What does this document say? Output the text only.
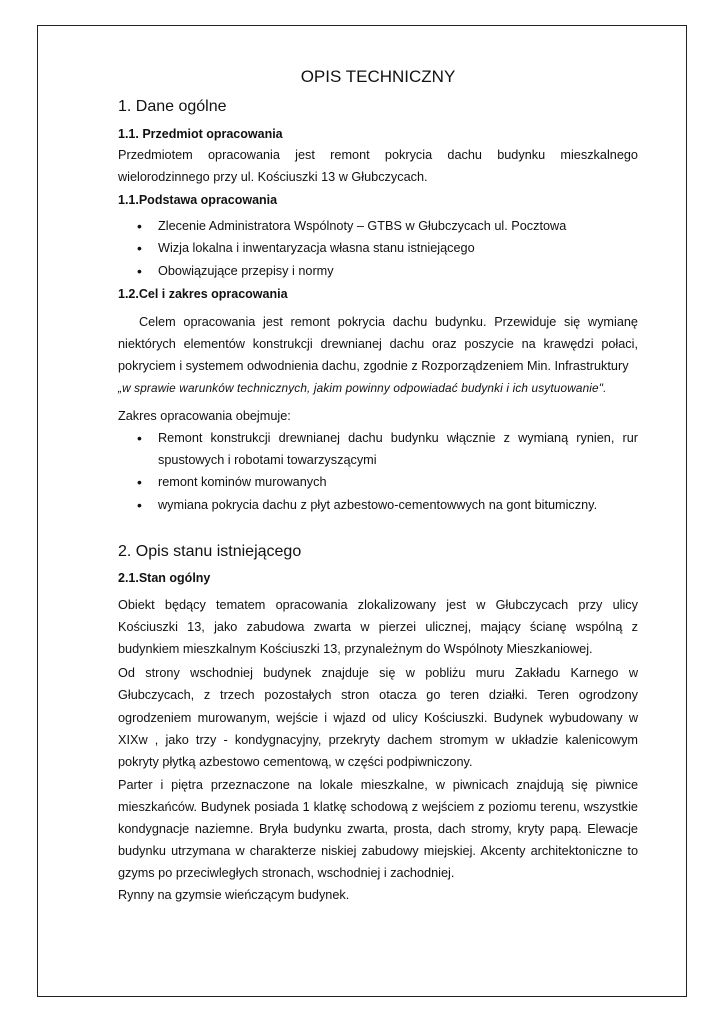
OPIS TECHNICZNY
1. Dane ogólne
1.1. Przedmiot opracowania
Przedmiotem opracowania jest remont pokrycia dachu budynku mieszkalnego
wielorodzinnego przy ul. Kościuszki 13 w Głubczycach.
1.1.Podstawa opracowania
• Zlecenie Administratora Wspólnoty – GTBS w Głubczycach ul. Pocztowa
• Wizja lokalna i inwentaryzacja własna stanu istniejącego
• Obowiązujące przepisy i normy
1.2.Cel i zakres opracowania
Celem opracowania jest remont pokrycia dachu budynku. Przewiduje się wymianę
niektórych elementów konstrukcji drewnianej dachu oraz poszycie na krawędzi połaci,
pokryciem i systemem odwodnienia dachu, zgodnie z Rozporządzeniem Min. Infrastruktury
„w sprawie warunków technicznych, jakim powinny odpowiadać budynki i ich usytuowanie".
Zakres opracowania obejmuje:
• Remont konstrukcji drewnianej dachu budynku włącznie z wymianą rynien, rur
spustowych i robotami towarzyszącymi
• remont kominów murowanych
• wymiana pokrycia dachu z płyt azbestowo-cementowwych na gont bitumiczny.
2. Opis stanu istniejącego
2.1.Stan ogólny
Obiekt będący tematem opracowania zlokalizowany jest w Głubczycach przy ulicy
Kościuszki 13, jako zabudowa zwarta w pierzei ulicznej, mający ścianę wspólną z
budynkiem mieszkalnym Kościuszki 13, przynależnym do Wspólnoty Mieszkaniowej.
Od strony wschodniej budynek znajduje się w pobliżu muru Zakładu Karnego w
Głubczycach, z trzech pozostałych stron otacza go teren działki. Teren ogrodzony
ogrodzeniem murowanym, wejście i wjazd od ulicy Kościuszki. Budynek wybudowany w
XIXw , jako trzy - kondygnacyjny, przekryty dachem stromym w układzie kalenicowym
pokryty płytką azbestowo cementową, w części podpiwniczony.
Parter i piętra przeznaczone na lokale mieszkalne, w piwnicach znajdują się piwnice
mieszkańców. Budynek posiada 1 klatkę schodową z wejściem z poziomu terenu, wszystkie
kondygnacje naziemne. Bryła budynku zwarta, prosta, dach stromy, kryty papą. Elewacje
budynku utrzymana w charakterze niskiej zabudowy miejskiej. Akcenty architektoniczne to
gzyms po przeciwległych stronach, wschodniej i zachodniej.
Rynny na gzymsie wieńczącym budynek.
